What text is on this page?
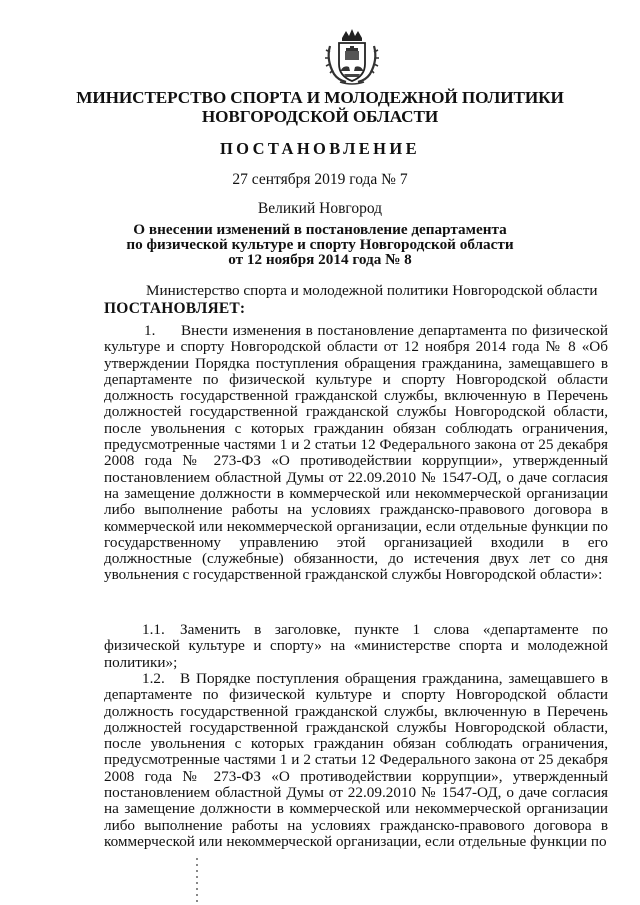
МИНИСТЕРСТВО СПОРТА И МОЛОДЕЖНОЙ ПОЛИТИКИ
НОВГОРОДСКОЙ ОБЛАСТИ
ПОСТАНОВЛЕНИЕ

27 сентября 2019 года № 7

Великий Новгород

О внесении изменений в постановление департамента
по физической культуре и спорту Новгородской области
от 12 ноября 2014 года № 8

Министерство спорта и молодежной политики Новгородской области

ПОСТАНОВЛЯЕТ:

1. Внести изменения в постановление департамента по физической культуре и спорту Новгородской области от 12 ноября 2014 года № 8 «Об утверждении Порядка поступления обращения гражданина, замещавшего в департаменте по физической культуре и спорту Новгородской области должность государственной гражданской службы, включенную в Перечень должностей государственной гражданской службы Новгородской области, после увольнения с которых гражданин обязан соблюдать ограничения, предусмотренные частями 1 и 2 статьи 12 Федерального закона от 25 декабря 2008 года № 273-ФЗ «О противодействии коррупции», утвержденный постановлением областной Думы от 22.09.2010 № 1547-ОД, о даче согласия на замещение должности в коммерческой или некоммерческой организации либо выполнение работы на условиях гражданско-правового договора в коммерческой или некоммерческой организации, если отдельные функции по государственному управлению этой организацией входили в его должностные (служебные) обязанности, до истечения двух лет со дня увольнения с государственной гражданской службы Новгородской области»:

1.1. Заменить в заголовке, пункте 1 слова «департаменте по физической культуре и спорту» на «министерстве спорта и молодежной политики»;

1.2. В Порядке поступления обращения гражданина, замещавшего в департаменте по физической культуре и спорту Новгородской области должность государственной гражданской службы, включенную в Перечень должностей государственной гражданской службы Новгородской области, после увольнения с которых гражданин обязан соблюдать ограничения, предусмотренные частями 1 и 2 статьи 12 Федерального закона от 25 декабря 2008 года № 273-ФЗ «О противодействии коррупции», утвержденный постановлением областной Думы от 22.09.2010 № 1547-ОД, о даче согласия на замещение должности в коммерческой или некоммерческой организации либо выполнение работы на условиях гражданско-правового договора в коммерческой или некоммерческой организации, если отдельные функции по
